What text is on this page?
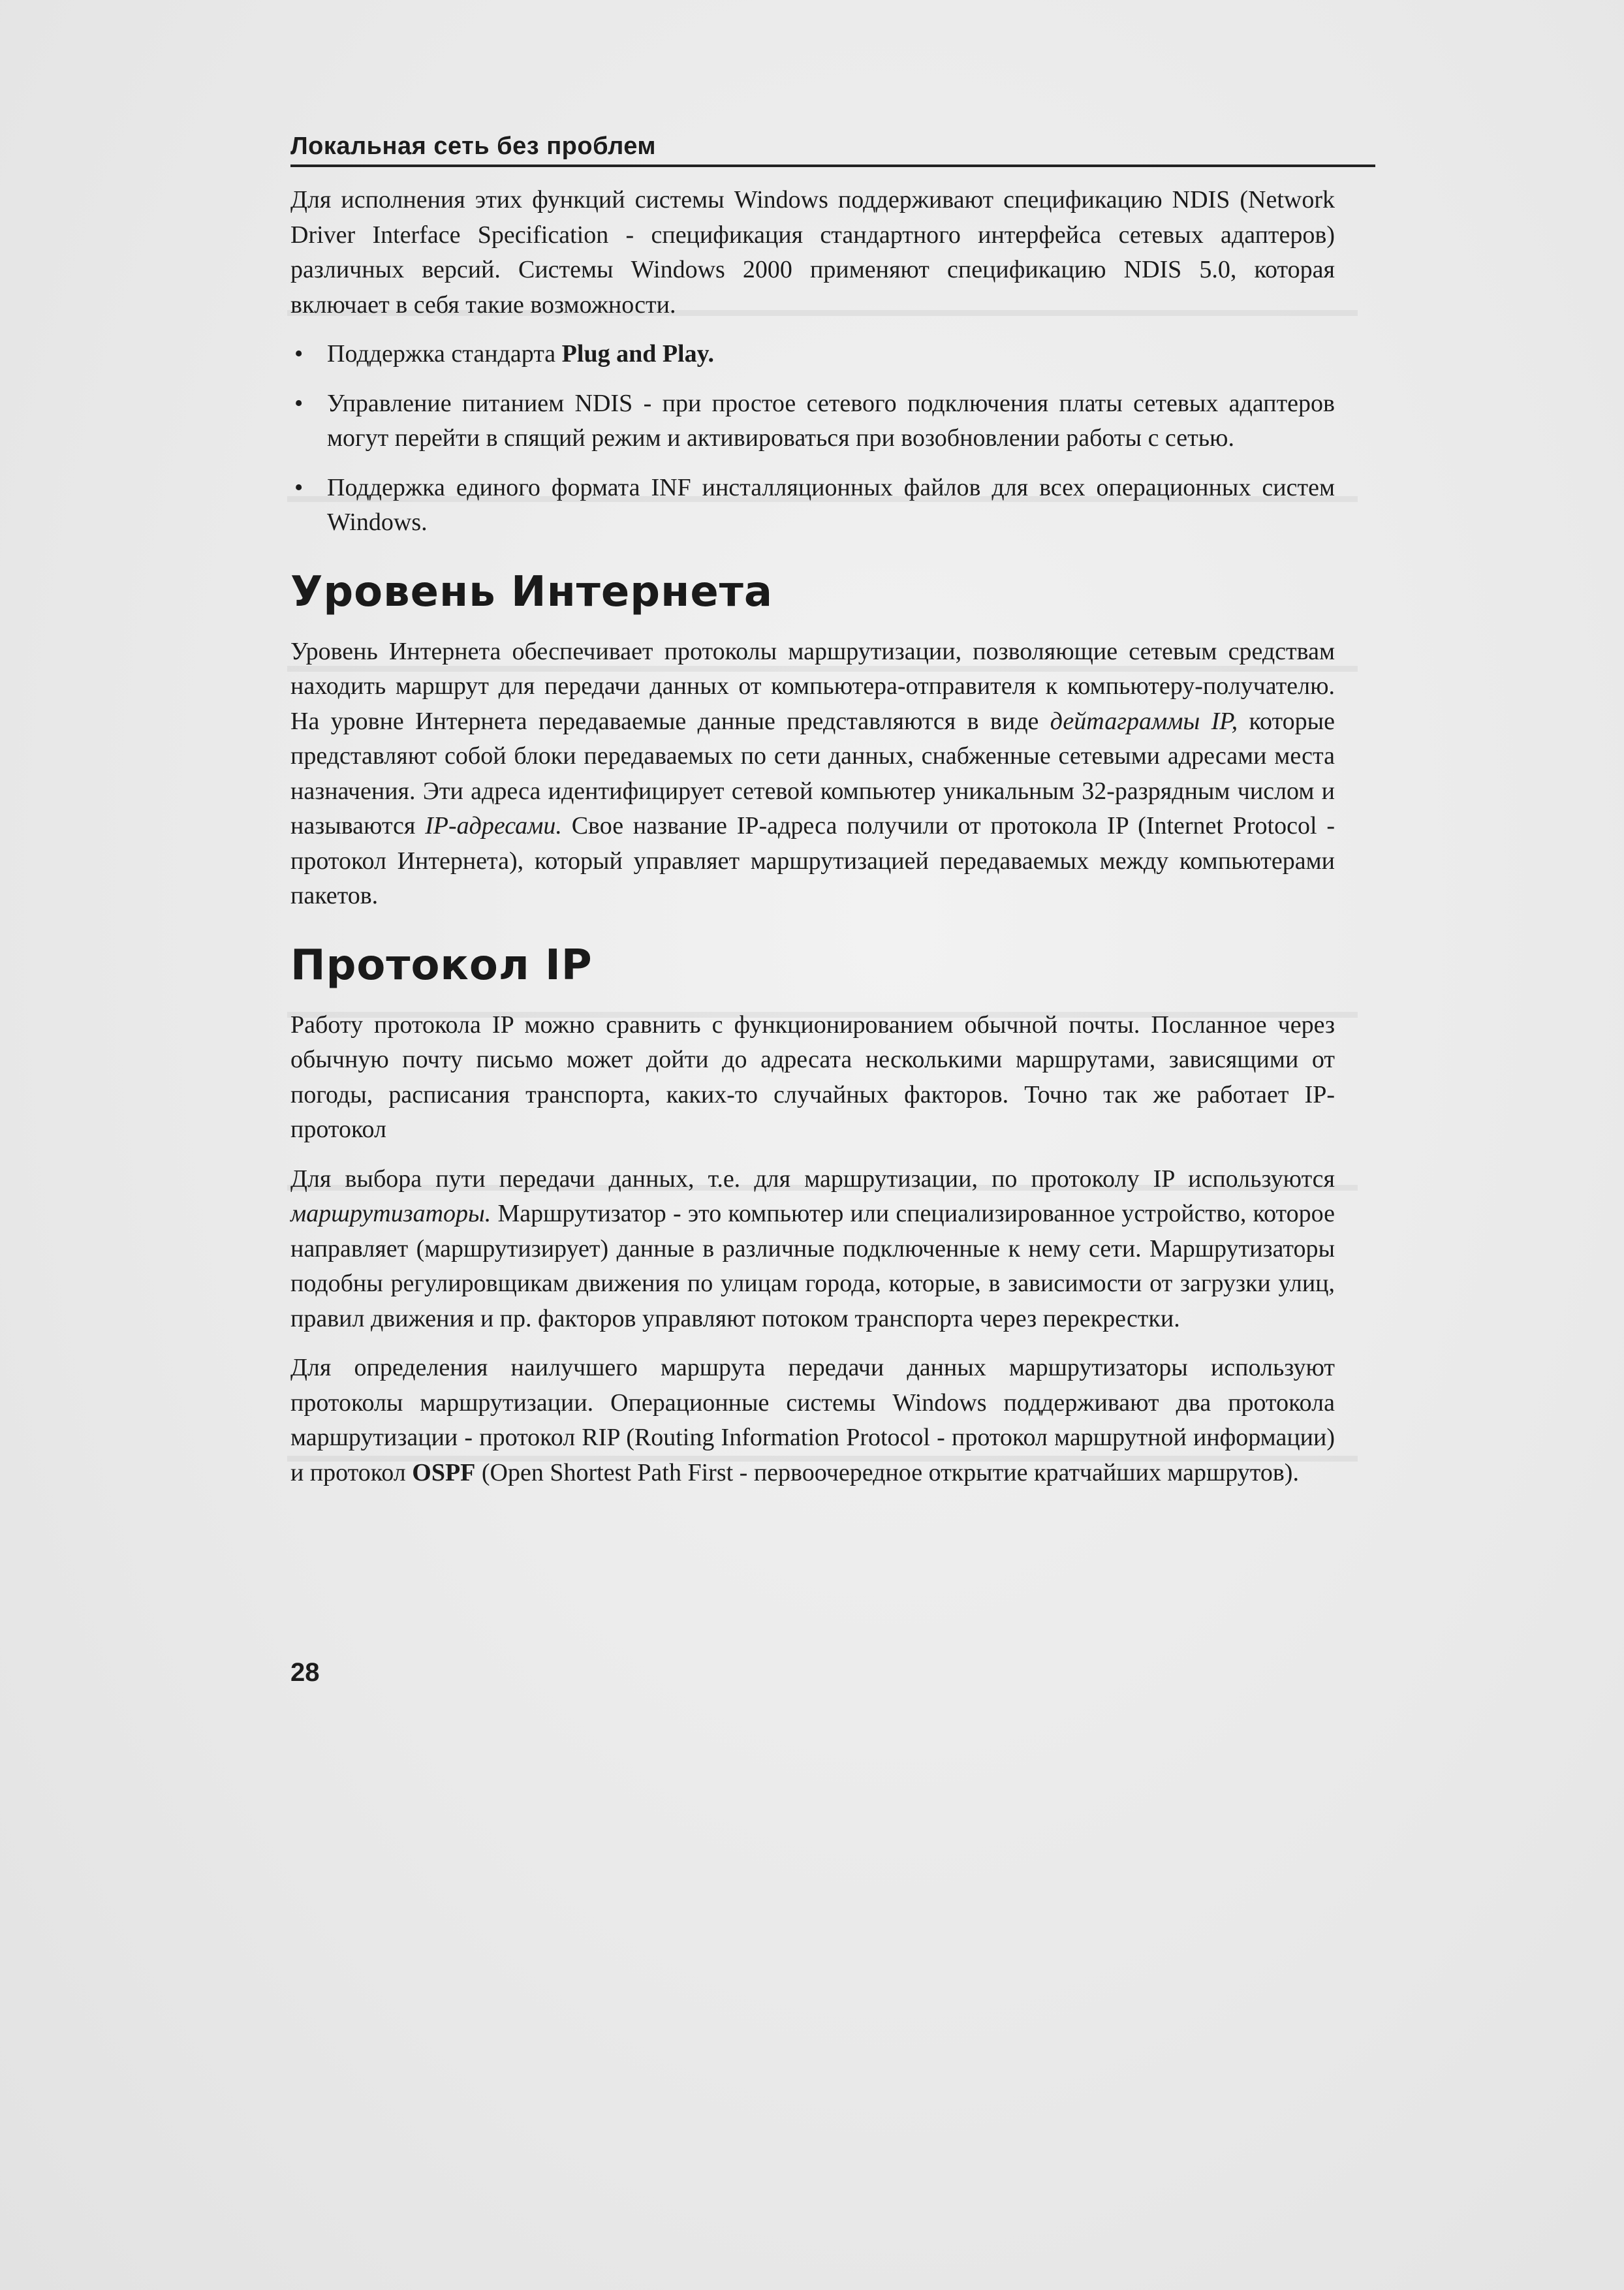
Локальная сеть без проблем

Для исполнения этих функций системы Windows поддерживают спецификацию NDIS (Network Driver Interface Specification - спецификация стандартного интерфейса сетевых адаптеров) различных версий. Системы Windows 2000 применяют спецификацию NDIS 5.0, которая включает в себя такие возможности.

• Поддержка стандарта Plug and Play.
• Управление питанием NDIS - при простое сетевого подключения платы сетевых адаптеров могут перейти в спящий режим и активироваться при возобновлении работы с сетью.
• Поддержка единого формата INF инсталляционных файлов для всех операционных систем Windows.
Уровень Интернета

Уровень Интернета обеспечивает протоколы маршрутизации, позволяющие сетевым средствам находить маршрут для передачи данных от компьютера-отправителя к компьютеру-получателю. На уровне Интернета передаваемые данные представляются в виде дейтаграммы IP, которые представляют собой блоки передаваемых по сети данных, снабженные сетевыми адресами места назначения. Эти адреса идентифицирует сетевой компьютер уникальным 32-разрядным числом и называются IP-адресами. Свое название IP-адреса получили от протокола IP (Internet Protocol - протокол Интернета), который управляет маршрутизацией передаваемых между компьютерами пакетов.

Протокол IP

Работу протокола IP можно сравнить с функционированием обычной почты. Посланное через обычную почту письмо может дойти до адресата несколькими маршрутами, зависящими от погоды, расписания транспорта, каких-то случайных факторов. Точно так же работает IP-протокол

Для выбора пути передачи данных, т.е. для маршрутизации, по протоколу IP используются маршрутизаторы. Маршрутизатор - это компьютер или специализированное устройство, которое направляет (маршрутизирует) данные в различные подключенные к нему сети. Маршрутизаторы подобны регулировщикам движения по улицам города, которые, в зависимости от загрузки улиц, правил движения и пр. факторов управляют потоком транспорта через перекрестки.

Для определения наилучшего маршрута передачи данных маршрутизаторы используют протоколы маршрутизации. Операционные системы Windows поддерживают два протокола маршрутизации - протокол RIP (Routing Information Protocol - протокол маршрутной информации) и протокол OSPF (Open Shortest Path First - первоочередное открытие кратчайших маршрутов).

28
